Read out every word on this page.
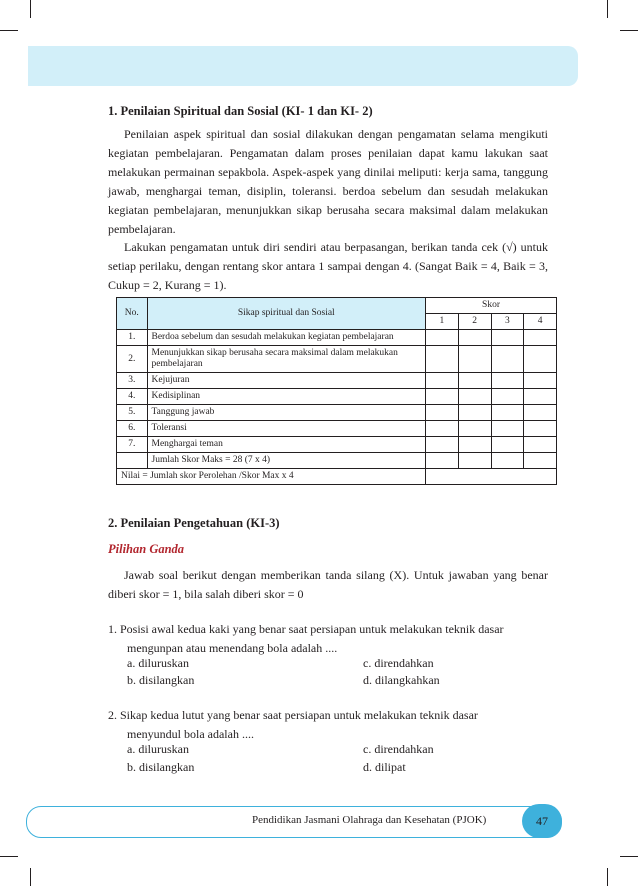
1. Penilaian Spiritual dan Sosial (KI- 1 dan KI- 2)

Penilaian aspek spiritual dan sosial dilakukan dengan pengamatan selama mengikuti kegiatan pembelajaran. Pengamatan dalam proses penilaian dapat kamu lakukan saat melakukan permainan sepakbola. Aspek-aspek yang dinilai meliputi: kerja sama, tanggung jawab, menghargai teman, disiplin, toleransi. berdoa sebelum dan sesudah melakukan kegiatan pembelajaran, menunjukkan sikap berusaha secara maksimal dalam melakukan pembelajaran.

Lakukan pengamatan untuk diri sendiri atau berpasangan, berikan tanda cek (√) untuk setiap perilaku, dengan rentang skor antara 1 sampai dengan 4. (Sangat Baik = 4, Baik = 3, Cukup = 2, Kurang = 1).

No.	Sikap spiritual dan Sosial	Skor			
		1	2	3	4
1.	Berdoa sebelum dan sesudah melakukan kegiatan pembelajaran				
2.	Menunjukkan sikap berusaha secara maksimal dalam melakukan pembelajaran				
3.	Kejujuran				
4.	Kedisiplinan				
5.	Tanggung jawab				
6.	Toleransi				
7.	Menghargai teman				
	Jumlah Skor Maks = 28 (7 x 4)				
Nilai = Jumlah skor Perolehan /Skor Max x 4					
2. Penilaian Pengetahuan (KI-3)
Pilihan Ganda

Jawab soal berikut dengan memberikan tanda silang (X). Untuk jawaban yang benar diberi skor = 1, bila salah diberi skor = 0

1. Posisi awal kedua kaki yang benar saat persiapan untuk melakukan teknik dasar
mengunpan atau menendang bola adalah ....
a. diluruskan
b. disilangkan
c. direndahkan
d. dilangkahkan
2. Sikap kedua lutut yang benar saat persiapan untuk melakukan teknik dasar
menyundul bola adalah ....
a. diluruskan
b. disilangkan
c. direndahkan
d. dilipat
Pendidikan Jasmani Olahraga dan Kesehatan (PJOK)	47
